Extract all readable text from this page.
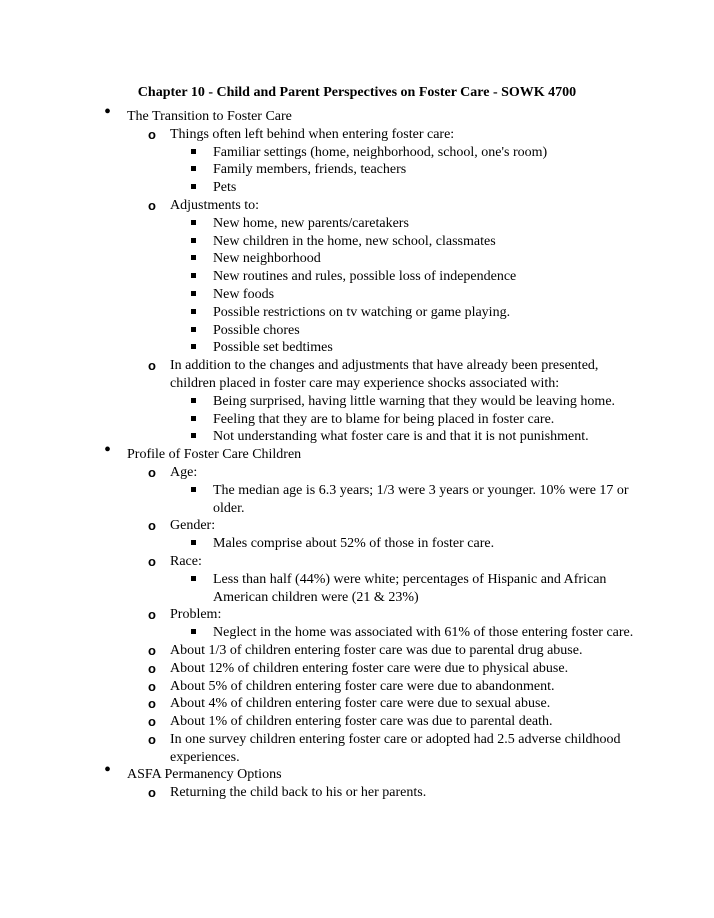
Chapter 10 - Child and Parent Perspectives on Foster Care - SOWK 4700
• The Transition to Foster Care
o Things often left behind when entering foster care:
Familiar settings (home, neighborhood, school, one's room)
Family members, friends, teachers
Pets
o Adjustments to:
New home, new parents/caretakers
New children in the home, new school, classmates
New neighborhood
New routines and rules, possible loss of independence
New foods
Possible restrictions on tv watching or game playing.
Possible chores
Possible set bedtimes
o In addition to the changes and adjustments that have already been presented, children placed in foster care may experience shocks associated with:
Being surprised, having little warning that they would be leaving home.
Feeling that they are to blame for being placed in foster care.
Not understanding what foster care is and that it is not punishment.
• Profile of Foster Care Children
o Age:
The median age is 6.3 years; 1/3 were 3 years or younger. 10% were 17 or older.
o Gender:
Males comprise about 52% of those in foster care.
o Race:
Less than half (44%) were white; percentages of Hispanic and African American children were (21 & 23%)
o Problem:
Neglect in the home was associated with 61% of those entering foster care.
o About 1/3 of children entering foster care was due to parental drug abuse.
o About 12% of children entering foster care were due to physical abuse.
o About 5% of children entering foster care were due to abandonment.
o About 4% of children entering foster care were due to sexual abuse.
o About 1% of children entering foster care was due to parental death.
o In one survey children entering foster care or adopted had 2.5 adverse childhood experiences.
• ASFA Permanency Options
o Returning the child back to his or her parents.
